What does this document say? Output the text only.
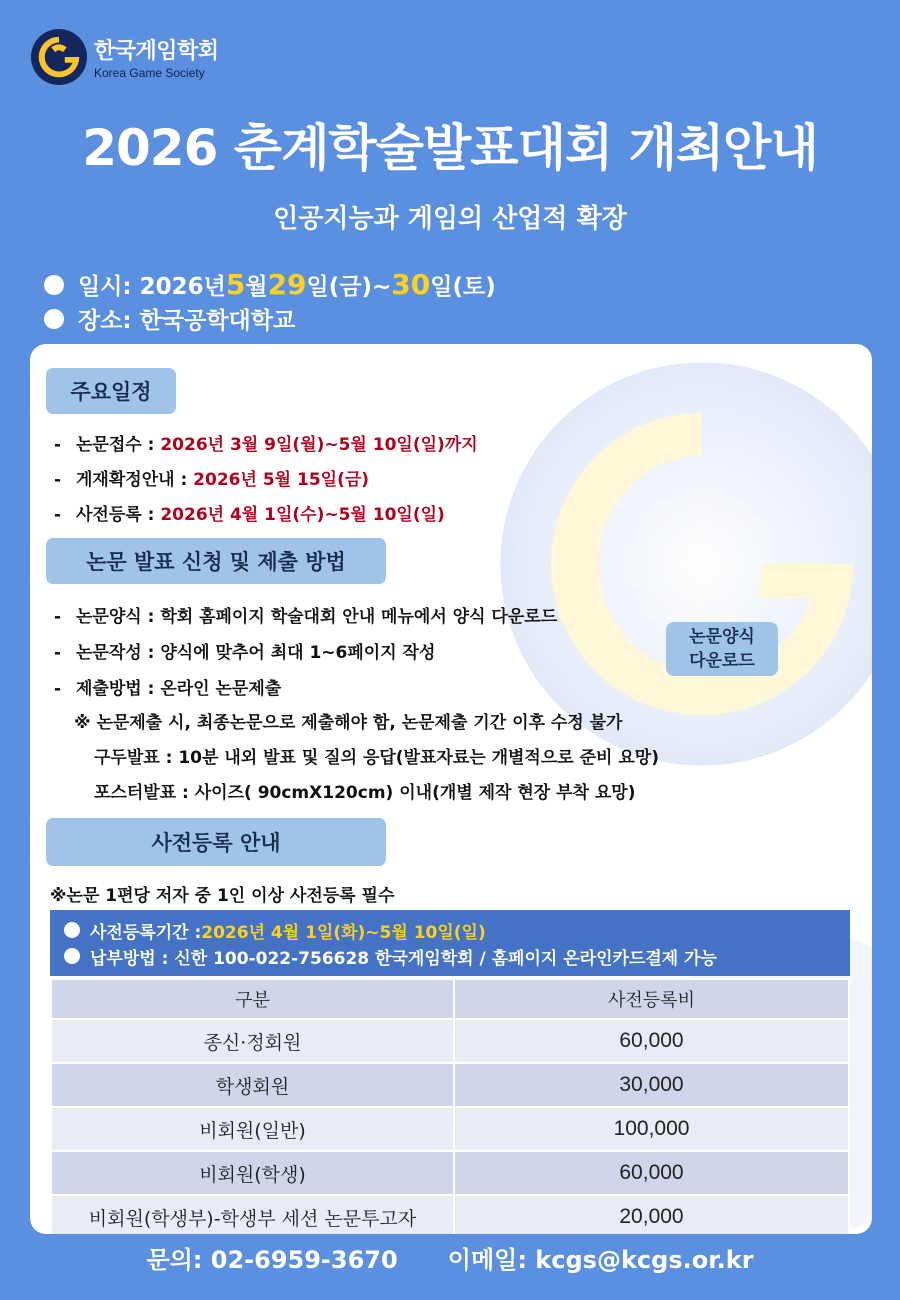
한국게임학회
Korea Game Society
2026 춘계학술발표대회 개최안내
인공지능과 게임의 산업적 확장
일시: 2026년 5 월 29 일(금)~ 30 일(토)
장소: 한국공학대학교
주요일정
- 논문접수 : 2026년 3월 9일(월)~5월 10일(일)까지
- 게재확정안내 : 2026년 5월 15일(금)
- 사전등록 : 2026년 4월 1일(수)~5월 10일(일)
논문 발표 신청 및 제출 방법
- 논문양식 : 학회 홈페이지 학술대회 안내 메뉴에서 양식 다운로드
- 논문작성 : 양식에 맞추어 최대 1~6페이지 작성
- 제출방법 : 온라인 논문제출
논문양식
다운로드
※ 논문제출 시, 최종논문으로 제출해야 함, 논문제출 기간 이후 수정 불가
구두발표 : 10분 내외 발표 및 질의 응답(발표자료는 개별적으로 준비 요망)
포스터발표 : 사이즈( 90cmX120cm) 이내(개별 제작 현장 부착 요망)
사전등록 안내
※논문 1편당 저자 중 1인 이상 사전등록 필수
사전등록기간 : 2026년 4월 1일(화)~5월 10일(일)
납부방법 : 신한 100-022-756628 한국게임학회 / 홈페이지 온라인카드결제 가능
구분	사전등록비
종신·정회원	60,000
학생회원	30,000
비회원(일반)	100,000
비회원(학생)	60,000
비회원(학생부)-학생부 세션 논문투고자	20,000
문의: 02-6959-3670      이메일: kcgs@kcgs.or.kr
